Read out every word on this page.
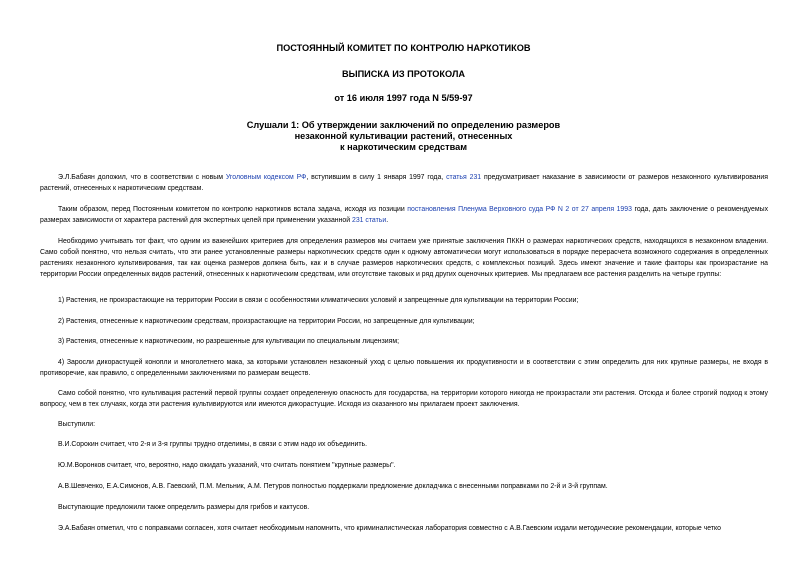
ПОСТОЯННЫЙ КОМИТЕТ ПО КОНТРОЛЮ НАРКОТИКОВ
ВЫПИСКА ИЗ ПРОТОКОЛА
от 16 июля 1997 года N 5/59-97
Слушали 1: Об утверждении заключений по определению размеров
незаконной культивации растений, отнесенных
к наркотическим средствам
Э.Л.Бабаян доложил, что в соответствии с новым Уголовным кодексом РФ, вступившим в силу 1 января 1997 года, статья 231 предусматривает наказание в зависимости от размеров незаконного культивирования растений, отнесенных к наркотическим средствам.
Таким образом, перед Постоянным комитетом по контролю наркотиков встала задача, исходя из позиции постановления Пленума Верховного суда РФ N 2 от 27 апреля 1993 года, дать заключение о рекомендуемых размерах зависимости от характера растений для экспертных целей при применении указанной 231 статьи.
Необходимо учитывать тот факт, что одним из важнейших критериев для определения размеров мы считаем уже принятые заключения ПККН о размерах наркотических средств, находящихся в незаконном владении. Само собой понятно, что нельзя считать, что эти ранее установленные размеры наркотических средств один к одному автоматически могут использоваться в порядке перерасчета возможного содержания в определенных растениях незаконного культивирования, так как оценка размеров должна быть, как и в случае размеров наркотических средств, с комплексных позиций. Здесь имеют значение и такие факторы как произрастание на территории России определенных видов растений, отнесенных к наркотическим средствам, или отсутствие таковых и ряд других оценочных критериев. Мы предлагаем все растения разделить на четыре группы:
1) Растения, не произрастающие на территории России в связи с особенностями климатических условий и запрещенные для культивации на территории России;
2) Растения, отнесенные к наркотическим средствам, произрастающие на территории России, но запрещенные для культивации;
3) Растения, отнесенные к наркотическим, но разрешенные для культивации по специальным лицензиям;
4) Заросли дикорастущей конопли и многолетнего мака, за которыми установлен незаконный уход с целью повышения их продуктивности и в соответствии с этим определить для них крупные размеры, не входя в противоречие, как правило, с определенными заключениями по размерам веществ.
Само собой понятно, что культивация растений первой группы создает определенную опасность для государства, на территории которого никогда не произрастали эти растения. Отсюда и более строгий подход к этому вопросу, чем в тех случаях, когда эти растения культивируются или имеются дикорастущие. Исходя из сказанного мы прилагаем проект заключения.
Выступили:
В.И.Сорокин считает, что 2-я и 3-я группы трудно отделимы, в связи с этим надо их объединить.
Ю.М.Воронков считает, что, вероятно, надо ожидать указаний, что считать понятием "крупные размеры".
А.В.Шевченко, Е.А.Симонов, А.В. Гаевский, П.М. Мельник, А.М. Петуров полностью поддержали предложение докладчика с внесенными поправками по 2-й и 3-й группам.
Выступающие предложили также определить размеры для грибов и кактусов.
Э.А.Бабаян отметил, что с поправками согласен, хотя считает необходимым напомнить, что криминалистическая лаборатория совместно с А.В.Гаевским издали методические рекомендации, которые четко
